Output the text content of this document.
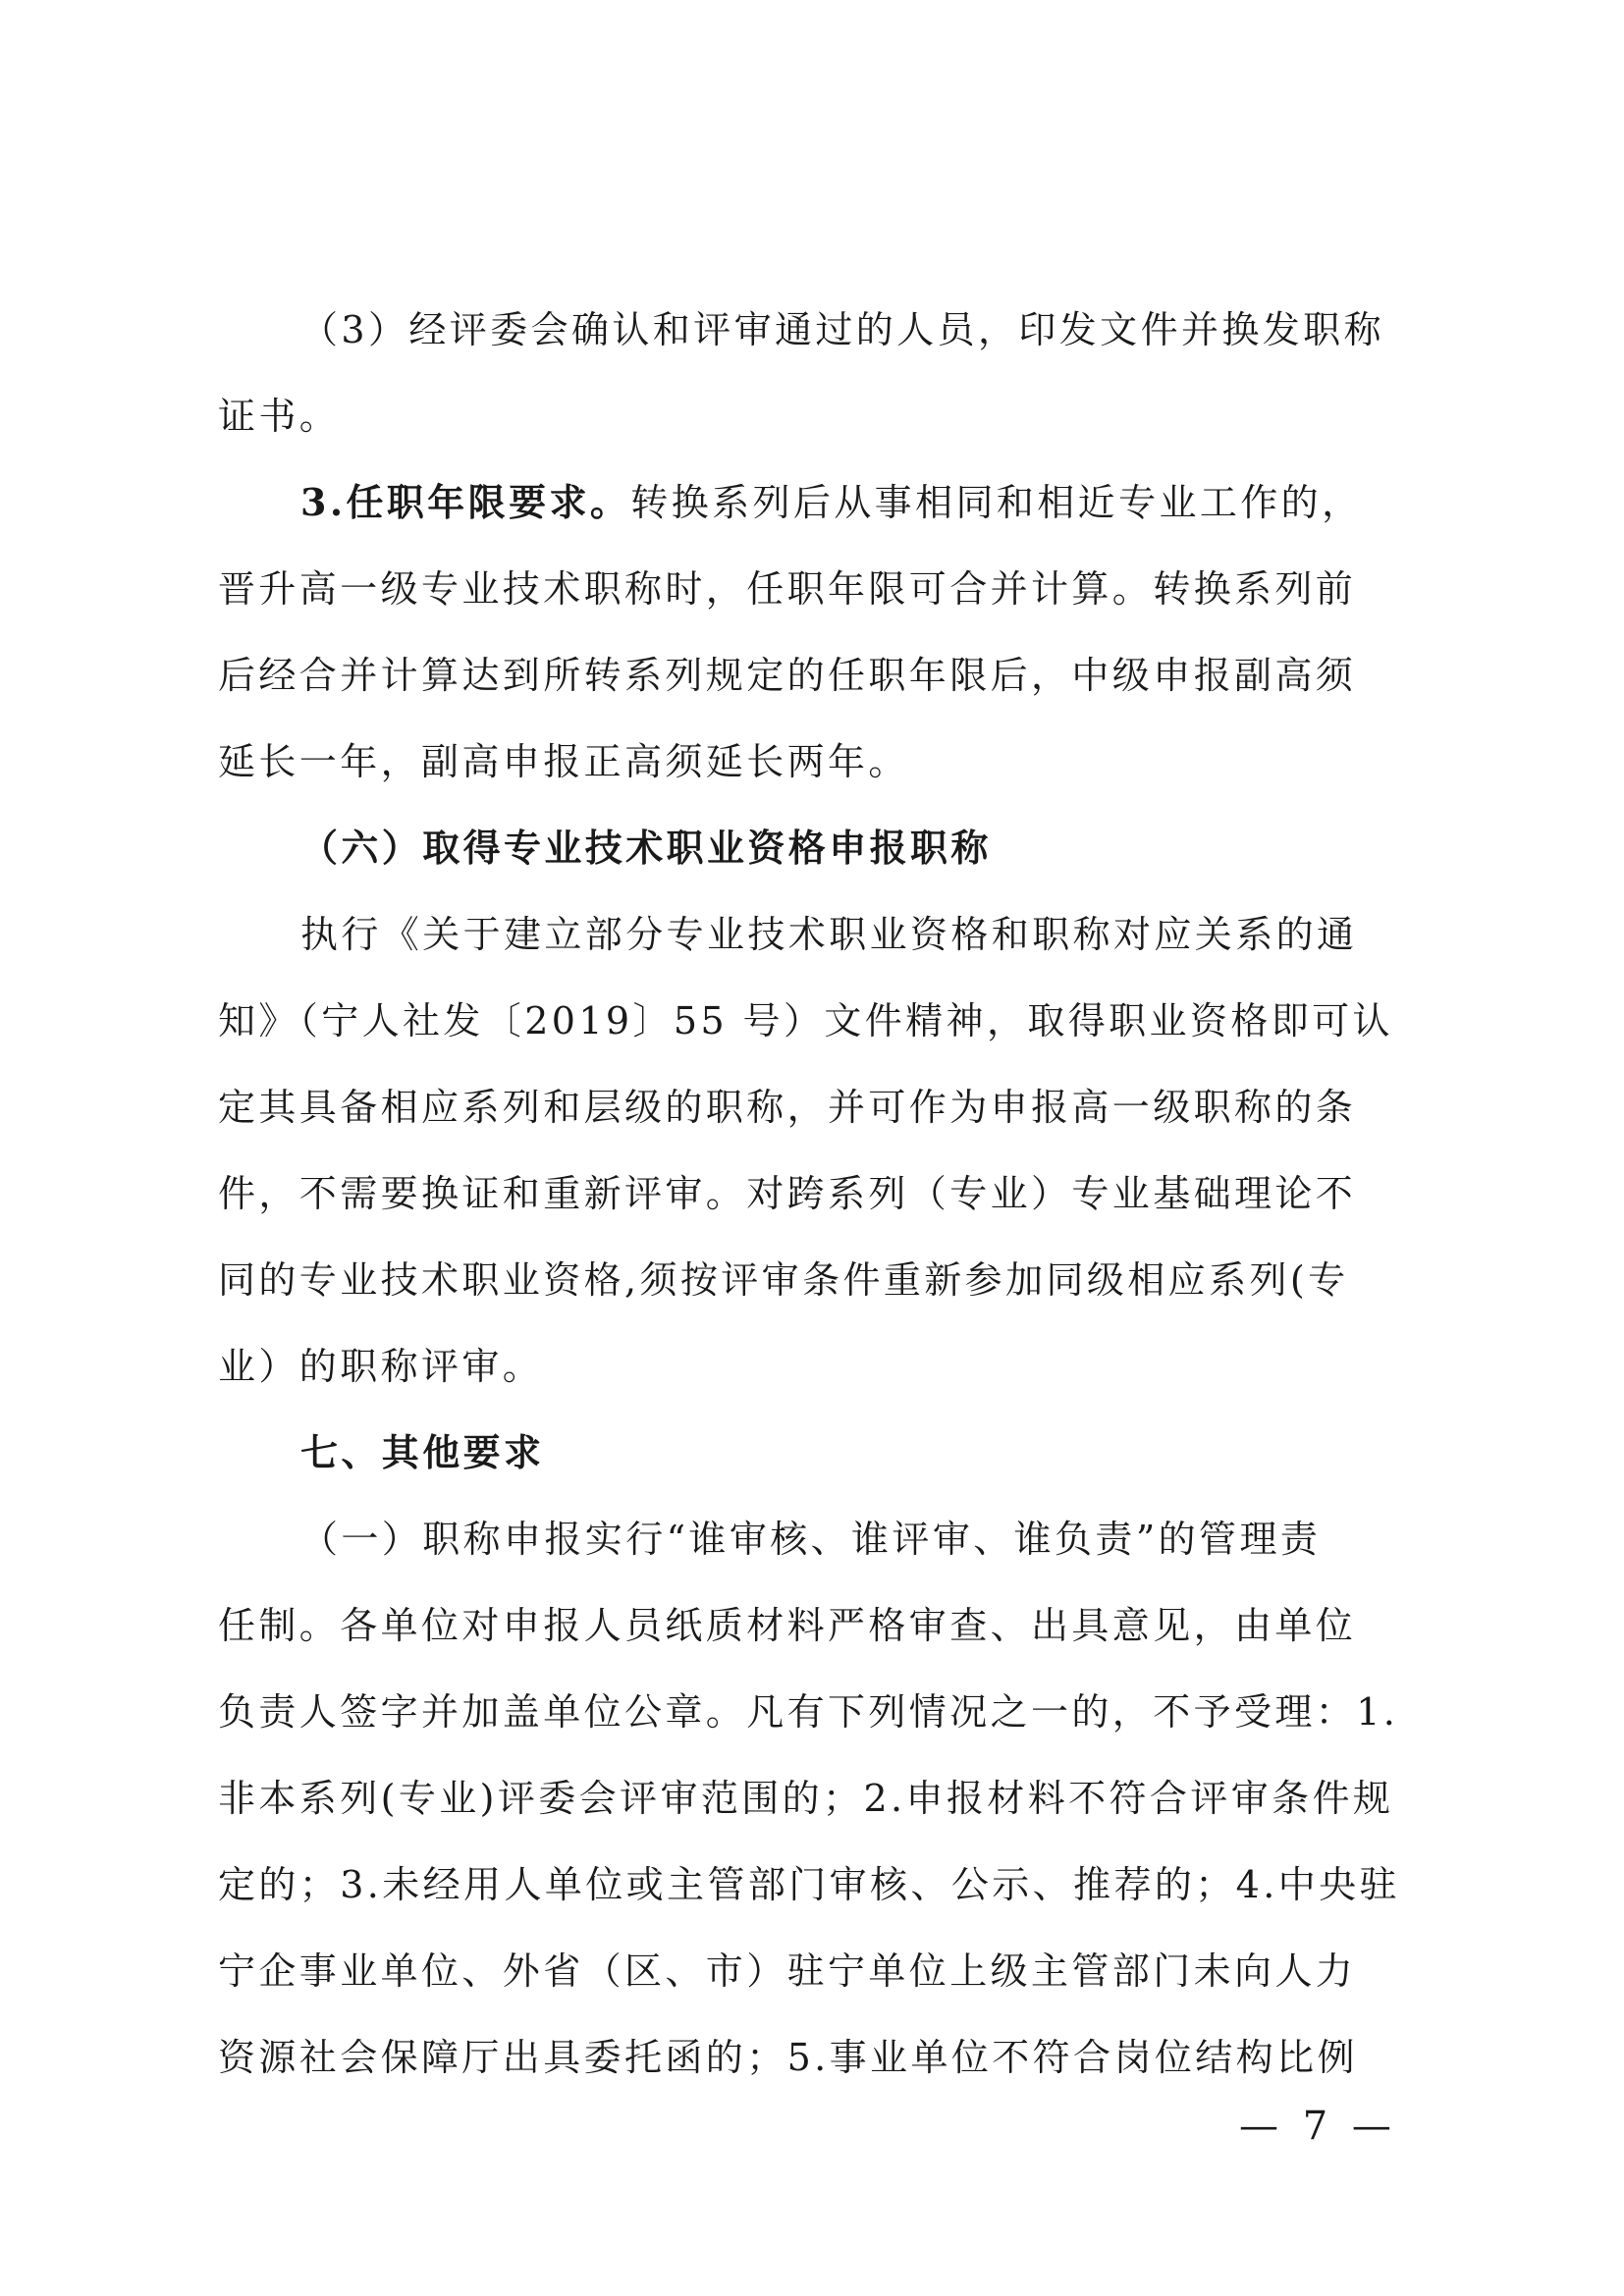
（3）经评委会确认和评审通过的人员，印发文件并换发职称
证书。
3.任职年限要求。转换系列后从事相同和相近专业工作的，
晋升高一级专业技术职称时，任职年限可合并计算。转换系列前
后经合并计算达到所转系列规定的任职年限后，中级申报副高须
延长一年，副高申报正高须延长两年。
（六）取得专业技术职业资格申报职称
执行《关于建立部分专业技术职业资格和职称对应关系的通
知》（宁人社发〔2019〕55 号）文件精神，取得职业资格即可认
定其具备相应系列和层级的职称，并可作为申报高一级职称的条
件，不需要换证和重新评审。对跨系列（专业）专业基础理论不
同的专业技术职业资格,须按评审条件重新参加同级相应系列(专
业）的职称评审。
七、其他要求
（一）职称申报实行“谁审核、谁评审、谁负责”的管理责
任制。各单位对申报人员纸质材料严格审查、出具意见，由单位
负责人签字并加盖单位公章。凡有下列情况之一的，不予受理：1.
非本系列(专业)评委会评审范围的；2.申报材料不符合评审条件规
定的；3.未经用人单位或主管部门审核、公示、推荐的；4.中央驻
宁企事业单位、外省（区、市）驻宁单位上级主管部门未向人力
资源社会保障厅出具委托函的；5.事业单位不符合岗位结构比例
— 7 —
